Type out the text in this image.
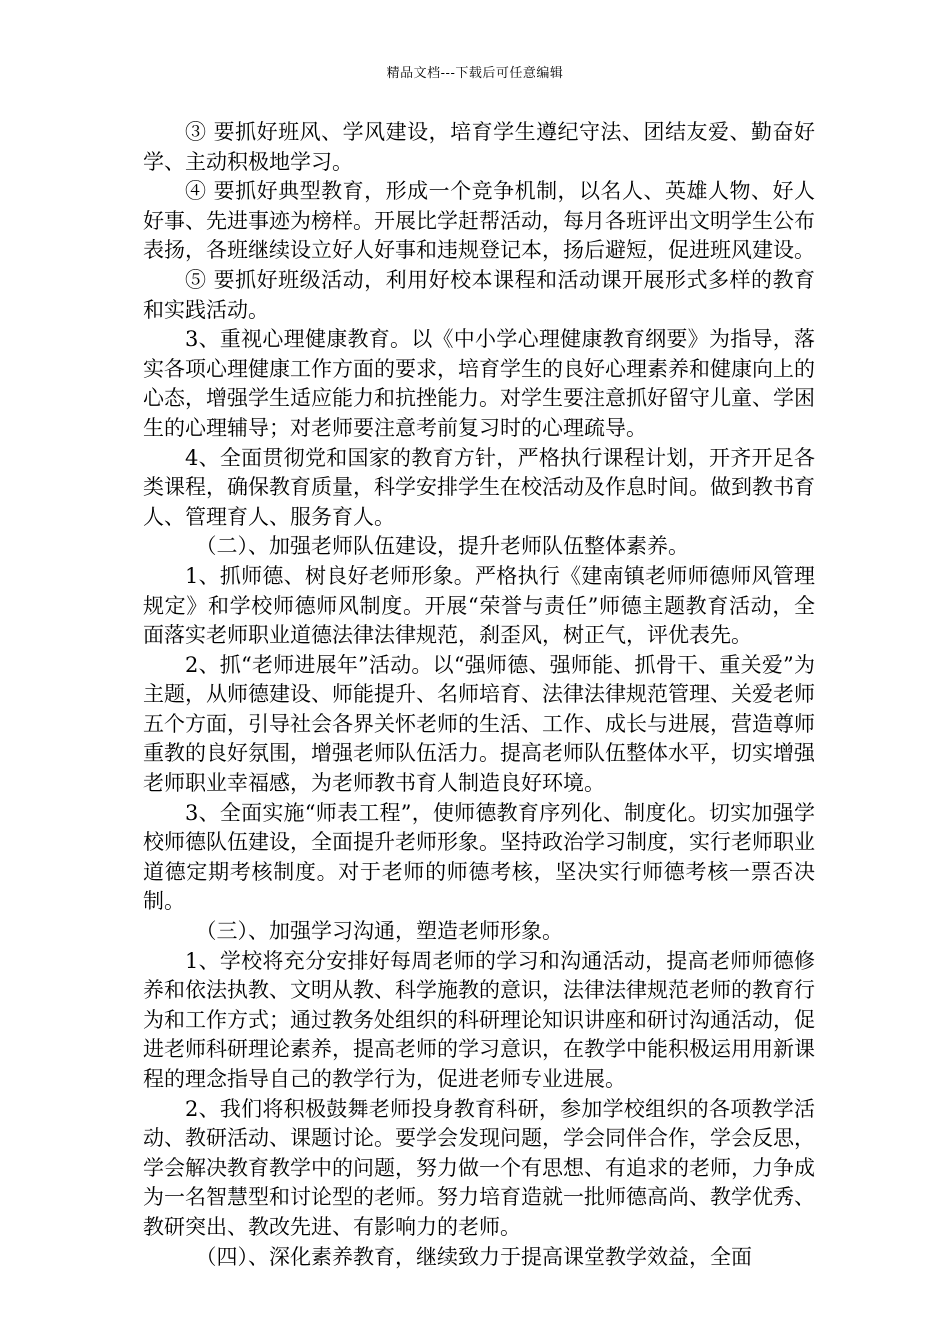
精品文档---下载后可任意编辑

③ 要抓好班风、学风建设，培育学生遵纪守法、团结友爱、勤奋好学、主动积极地学习。

④ 要抓好典型教育，形成一个竞争机制，以名人、英雄人物、好人好事、先进事迹为榜样。开展比学赶帮活动，每月各班评出文明学生公布表扬，各班继续设立好人好事和违规登记本，扬后避短，促进班风建设。

⑤ 要抓好班级活动，利用好校本课程和活动课开展形式多样的教育和实践活动。

3、重视心理健康教育。以《中小学心理健康教育纲要》为指导，落实各项心理健康工作方面的要求，培育学生的良好心理素养和健康向上的心态，增强学生适应能力和抗挫能力。对学生要注意抓好留守儿童、学困生的心理辅导；对老师要注意考前复习时的心理疏导。

4、全面贯彻党和国家的教育方针，严格执行课程计划，开齐开足各类课程，确保教育质量，科学安排学生在校活动及作息时间。做到教书育人、管理育人、服务育人。

（二）、加强老师队伍建设，提升老师队伍整体素养。

1、抓师德、树良好老师形象。严格执行《建南镇老师师德师风管理规定》和学校师德师风制度。开展“荣誉与责任”师德主题教育活动，全面落实老师职业道德法律法律规范，刹歪风，树正气，评优表先。

2、抓“老师进展年”活动。以“强师德、强师能、抓骨干、重关爱”为主题，从师德建设、师能提升、名师培育、法律法律规范管理、关爱老师五个方面，引导社会各界关怀老师的生活、工作、成长与进展，营造尊师重教的良好氛围，增强老师队伍活力。提高老师队伍整体水平，切实增强老师职业幸福感，为老师教书育人制造良好环境。

3、全面实施“师表工程”，使师德教育序列化、制度化。切实加强学校师德队伍建设，全面提升老师形象。坚持政治学习制度，实行老师职业道德定期考核制度。对于老师的师德考核，坚决实行师德考核一票否决制。

（三）、加强学习沟通，塑造老师形象。

1、学校将充分安排好每周老师的学习和沟通活动，提高老师师德修养和依法执教、文明从教、科学施教的意识，法律法律规范老师的教育行为和工作方式；通过教务处组织的科研理论知识讲座和研讨沟通活动，促进老师科研理论素养，提高老师的学习意识，在教学中能积极运用用新课程的理念指导自己的教学行为，促进老师专业进展。

2、我们将积极鼓舞老师投身教育科研，参加学校组织的各项教学活动、教研活动、课题讨论。要学会发现问题，学会同伴合作，学会反思，学会解决教育教学中的问题，努力做一个有思想、有追求的老师，力争成为一名智慧型和讨论型的老师。努力培育造就一批师德高尚、教学优秀、教研突出、教改先进、有影响力的老师。

（四）、深化素养教育，继续致力于提高课堂教学效益，全面
